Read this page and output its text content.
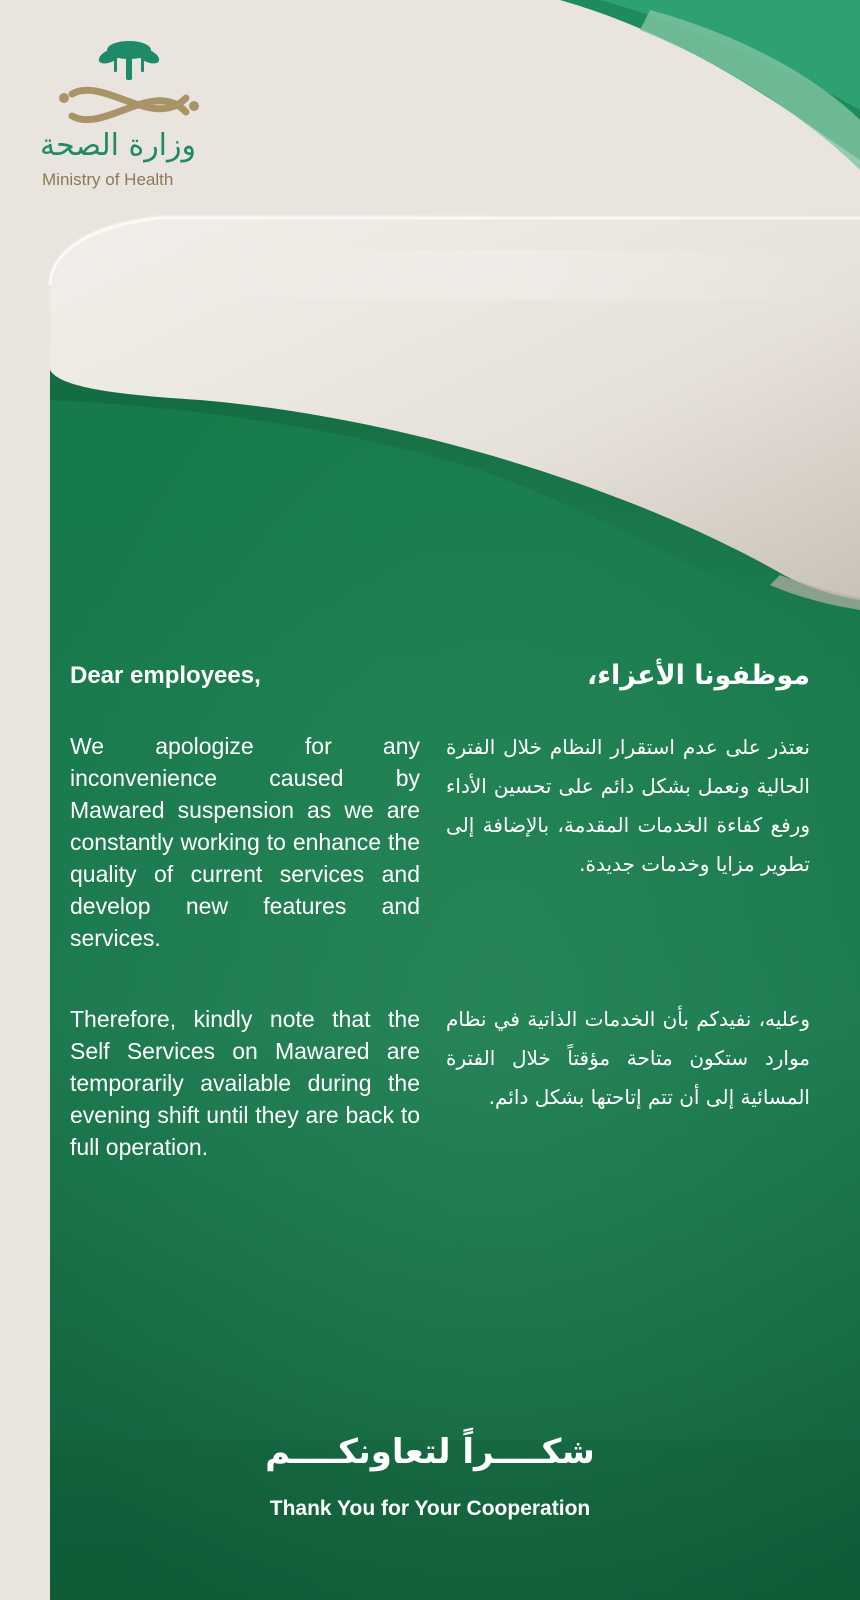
وزارة الصحة
Ministry of Health
Dear employees,

We apologize for any inconvenience caused by Mawared suspension as we are constantly working to enhance the quality of current services and develop new features and services.

Therefore, kindly note that the Self Services on Mawared are temporarily available during the evening shift until they are back to full operation.

موظفونا الأعزاء،

نعتذر على عدم استقرار النظام خلال الفترة الحالية ونعمل بشكل دائم على تحسين الأداء ورفع كفاءة الخدمات المقدمة، بالإضافة إلى تطوير مزايا وخدمات جديدة.

وعليه، نفيدكم بأن الخدمات الذاتية في نظام موارد ستكون متاحة مؤقتاً خلال الفترة المسائية إلى أن تتم إتاحتها بشكل دائم.

شكــــراً لتعاونكــــم
Thank You for Your Cooperation
